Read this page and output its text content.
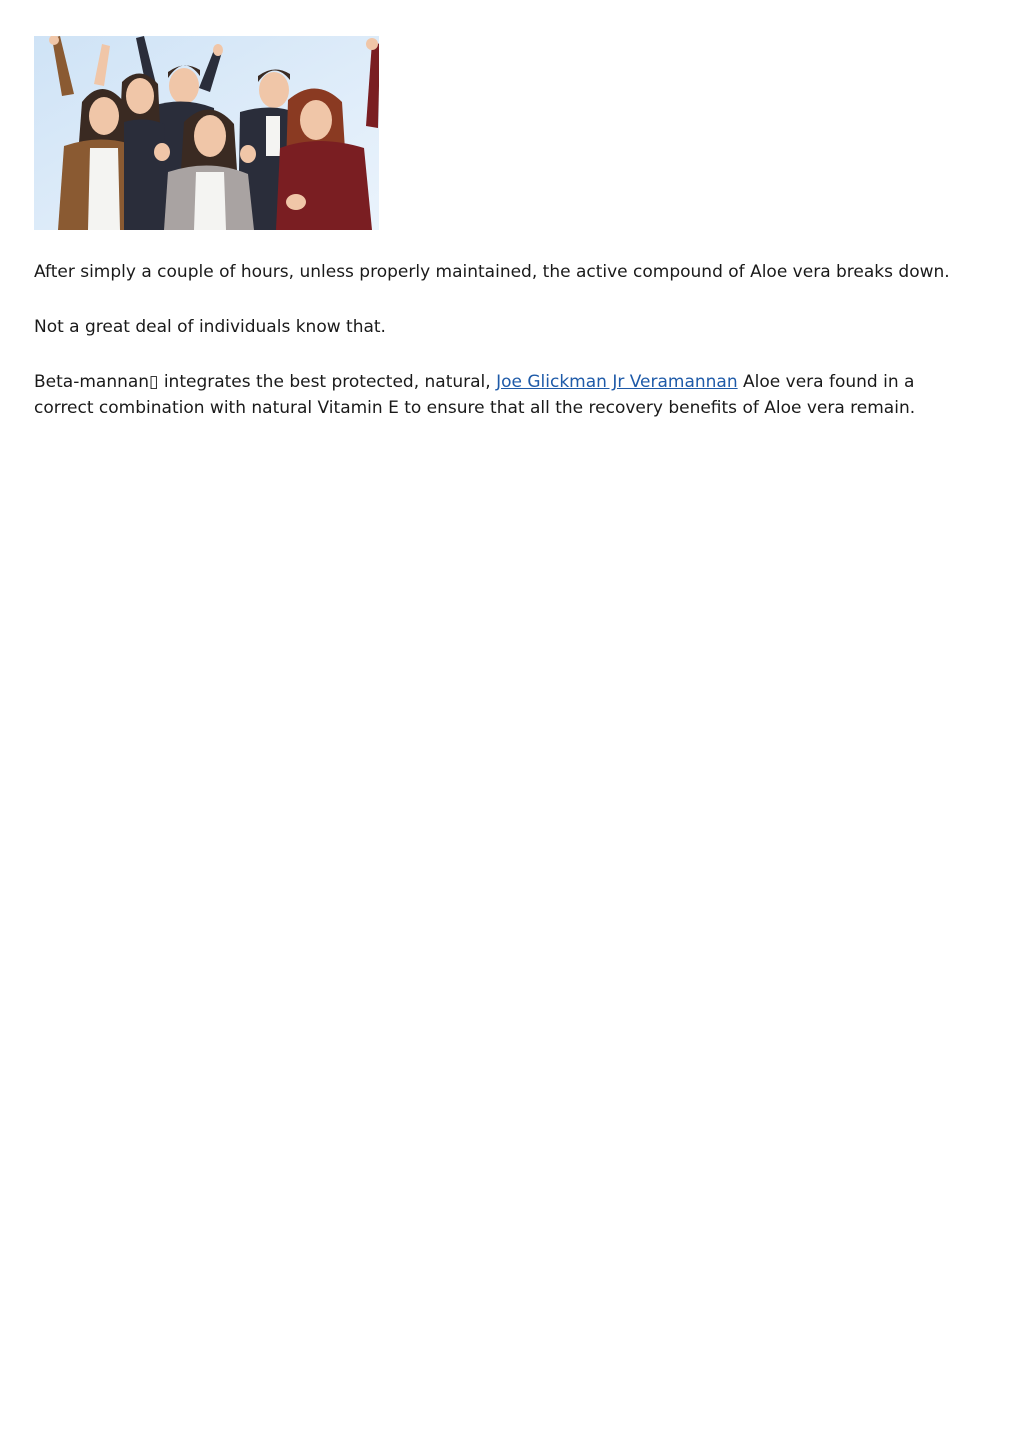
After simply a couple of hours, unless properly maintained, the active compound of Aloe vera breaks down.

Not a great deal of individuals know that.

Beta-mannan▯ integrates the best protected, natural, Joe Glickman Jr Veramannan Aloe vera found in a correct combination with natural Vitamin E to ensure that all the recovery benefits of Aloe vera remain.
